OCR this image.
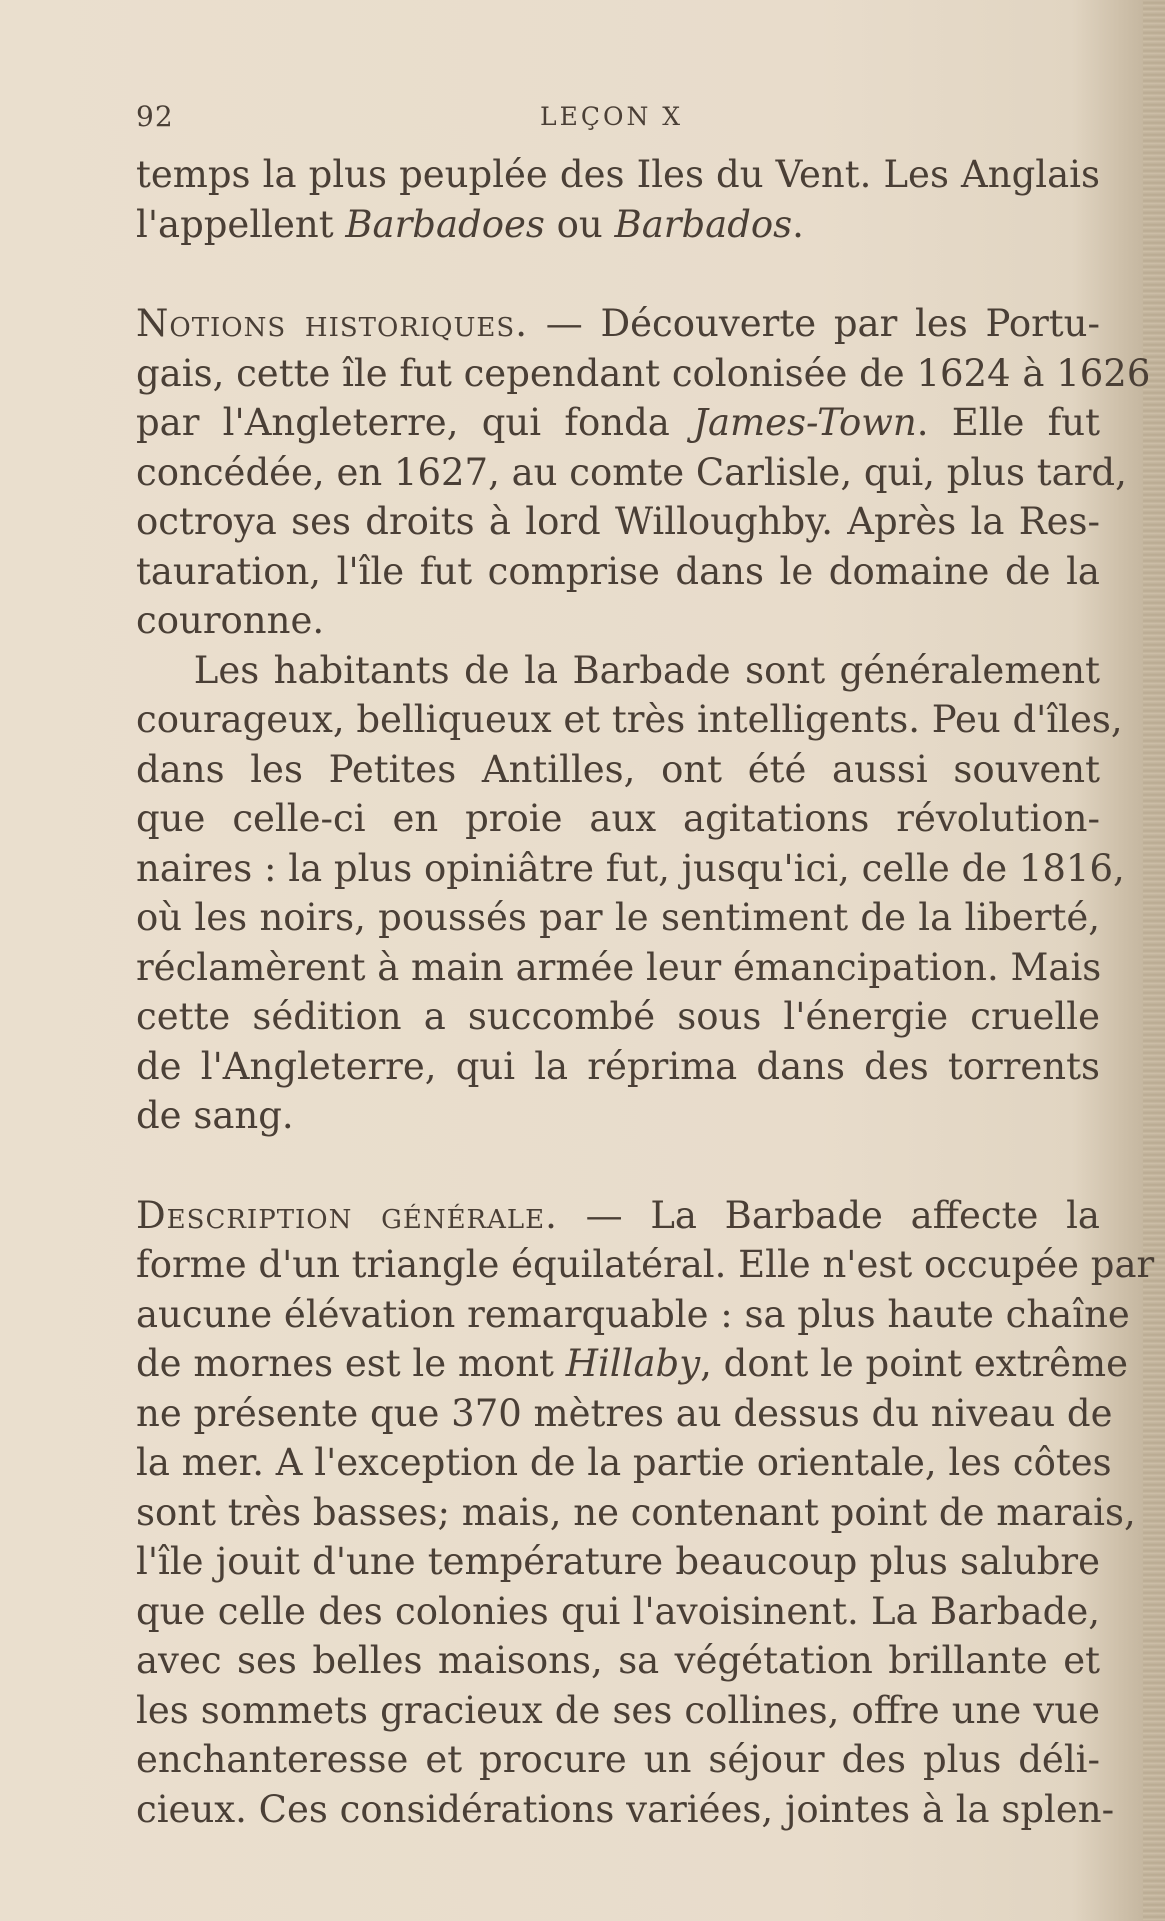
92	LEÇON X
temps la plus peuplée des Iles du Vent. Les Anglais
l'appellent Barbadoes ou Barbados.
Notions historiques. — Découverte par les Portu-
gais, cette île fut cependant colonisée de 1624 à 1626
par l'Angleterre, qui fonda James-Town. Elle fut
concédée, en 1627, au comte Carlisle, qui, plus tard,
octroya ses droits à lord Willoughby. Après la Res-
tauration, l'île fut comprise dans le domaine de la
couronne.
Les habitants de la Barbade sont généralement
courageux, belliqueux et très intelligents. Peu d'îles,
dans les Petites Antilles, ont été aussi souvent
que celle-ci en proie aux agitations révolution-
naires : la plus opiniâtre fut, jusqu'ici, celle de 1816,
où les noirs, poussés par le sentiment de la liberté,
réclamèrent à main armée leur émancipation. Mais
cette sédition a succombé sous l'énergie cruelle
de l'Angleterre, qui la réprima dans des torrents
de sang.
Description générale. — La Barbade affecte la
forme d'un triangle équilatéral. Elle n'est occupée par
aucune élévation remarquable : sa plus haute chaîne
de mornes est le mont Hillaby, dont le point extrême
ne présente que 370 mètres au dessus du niveau de
la mer. A l'exception de la partie orientale, les côtes
sont très basses; mais, ne contenant point de marais,
l'île jouit d'une température beaucoup plus salubre
que celle des colonies qui l'avoisinent. La Barbade,
avec ses belles maisons, sa végétation brillante et
les sommets gracieux de ses collines, offre une vue
enchanteresse et procure un séjour des plus déli-
cieux. Ces considérations variées, jointes à la splen-
